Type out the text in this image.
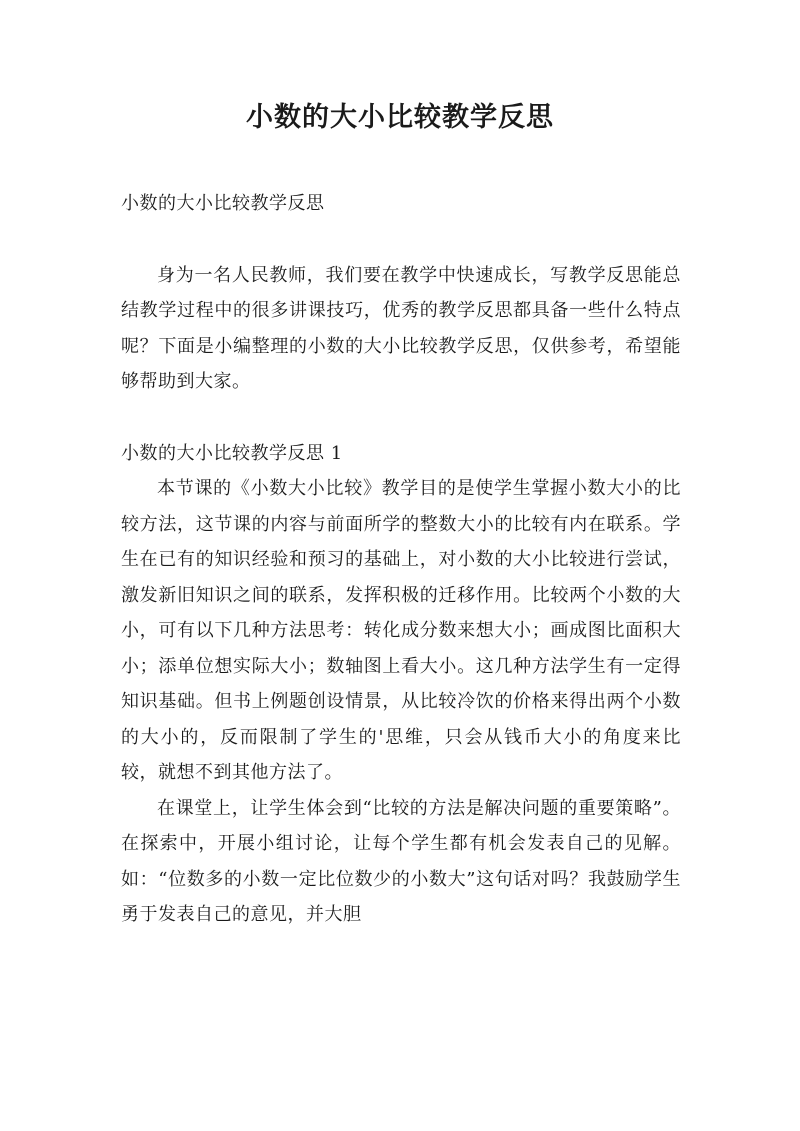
小数的大小比较教学反思

小数的大小比较教学反思

身为一名人民教师，我们要在教学中快速成长，写教学反思能总结教学过程中的很多讲课技巧，优秀的教学反思都具备一些什么特点呢？下面是小编整理的小数的大小比较教学反思，仅供参考，希望能够帮助到大家。

小数的大小比较教学反思 1

本节课的《小数大小比较》教学目的是使学生掌握小数大小的比较方法，这节课的内容与前面所学的整数大小的比较有内在联系。学生在已有的知识经验和预习的基础上，对小数的大小比较进行尝试，激发新旧知识之间的联系，发挥积极的迁移作用。比较两个小数的大小，可有以下几种方法思考：转化成分数来想大小；画成图比面积大小；添单位想实际大小；数轴图上看大小。这几种方法学生有一定得知识基础。但书上例题创设情景，从比较冷饮的价格来得出两个小数的大小的，反而限制了学生的'思维，只会从钱币大小的角度来比较，就想不到其他方法了。

在课堂上，让学生体会到“比较的方法是解决问题的重要策略”。在探索中，开展小组讨论，让每个学生都有机会发表自己的见解。如：“位数多的小数一定比位数少的小数大”这句话对吗？我鼓励学生勇于发表自己的意见，并大胆
